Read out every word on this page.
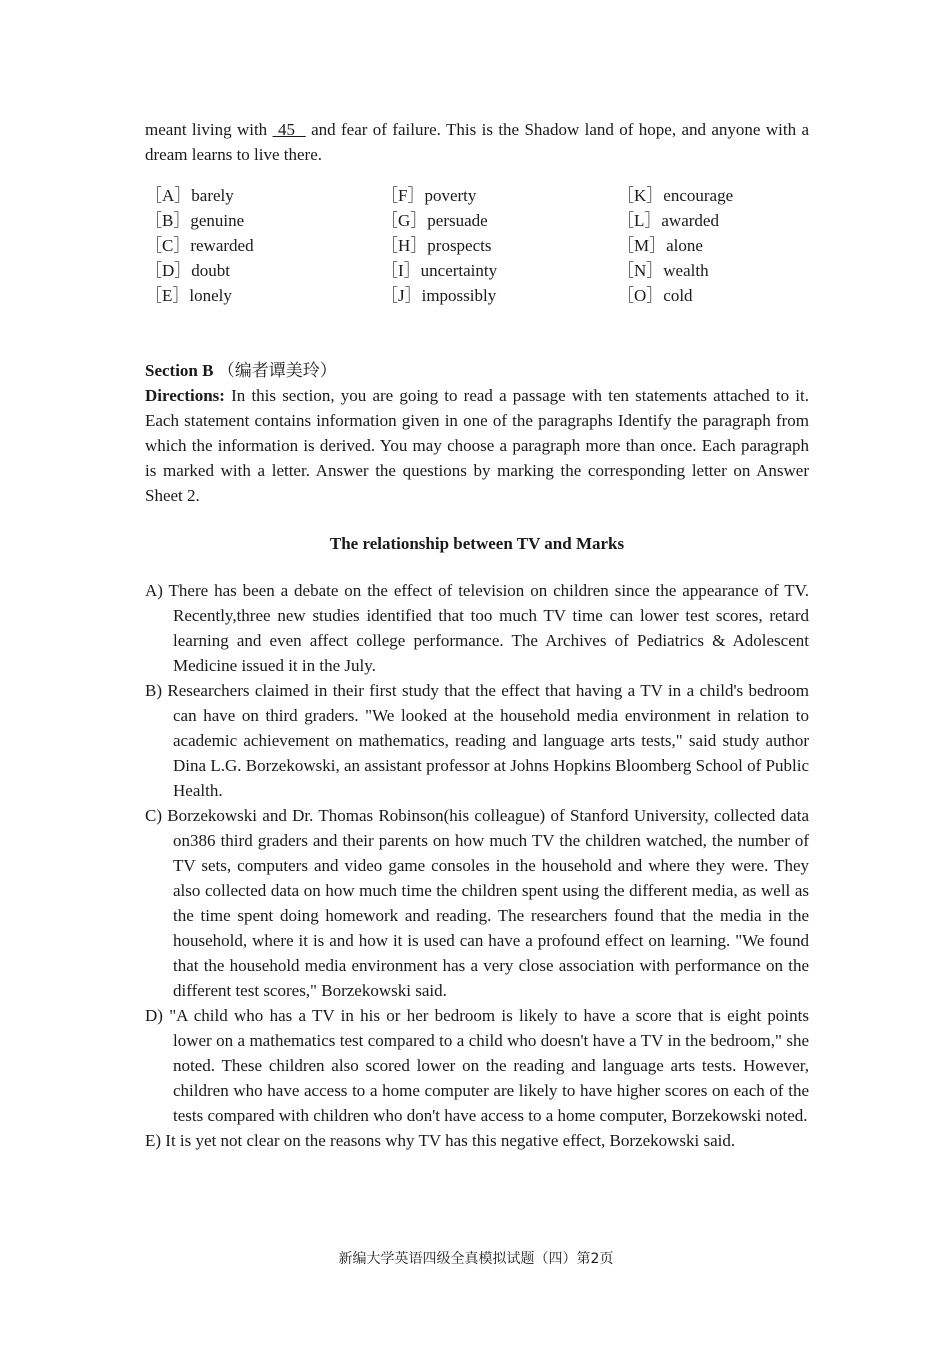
meant living with  45   and fear of failure. This is the Shadow land of hope, and anyone with a dream learns to live there.

［A］barely	［F］poverty	［K］encourage
［B］genuine	［G］persuade	［L］awarded
［C］rewarded	［H］prospects	［M］alone
［D］doubt	［I］uncertainty	［N］wealth
［E］lonely	［J］impossibly	［O］cold
Section B （编者谭美玲）

Directions: In this section, you are going to read a passage with ten statements attached to it. Each statement contains information given in one of the paragraphs Identify the paragraph from which the information is derived. You may choose a paragraph more than once. Each paragraph is marked with a letter. Answer the questions by marking the corresponding letter on Answer Sheet 2.

The relationship between TV and Marks

A) There has been a debate on the effect of television on children since the appearance of TV. Recently,three new studies identified that too much TV time can lower test scores, retard learning and even affect college performance. The Archives of Pediatrics & Adolescent Medicine issued it in the July.

B) Researchers claimed in their first study that the effect that having a TV in a child's bedroom can have on third graders. "We looked at the household media environment in relation to academic achievement on mathematics, reading and language arts tests," said study author Dina L.G. Borzekowski, an assistant professor at Johns Hopkins Bloomberg School of Public Health.

C) Borzekowski and Dr. Thomas Robinson(his colleague) of Stanford University, collected data on386 third graders and their parents on how much TV the children watched, the number of TV sets, computers and video game consoles in the household and where they were. They also collected data on how much time the children spent using the different media, as well as the time spent doing homework and reading. The researchers found that the media in the household, where it is and how it is used can have a profound effect on learning. "We found that the household media environment has a very close association with performance on the different test scores," Borzekowski said.

D) "A child who has a TV in his or her bedroom is likely to have a score that is eight points lower on a mathematics test compared to a child who doesn't have a TV in the bedroom," she noted. These children also scored lower on the reading and language arts tests. However, children who have access to a home computer are likely to have higher scores on each of the tests compared with children who don't have access to a home computer, Borzekowski noted.

E) It is yet not clear on the reasons why TV has this negative effect, Borzekowski said.

新编大学英语四级全真模拟试题（四）第2页
